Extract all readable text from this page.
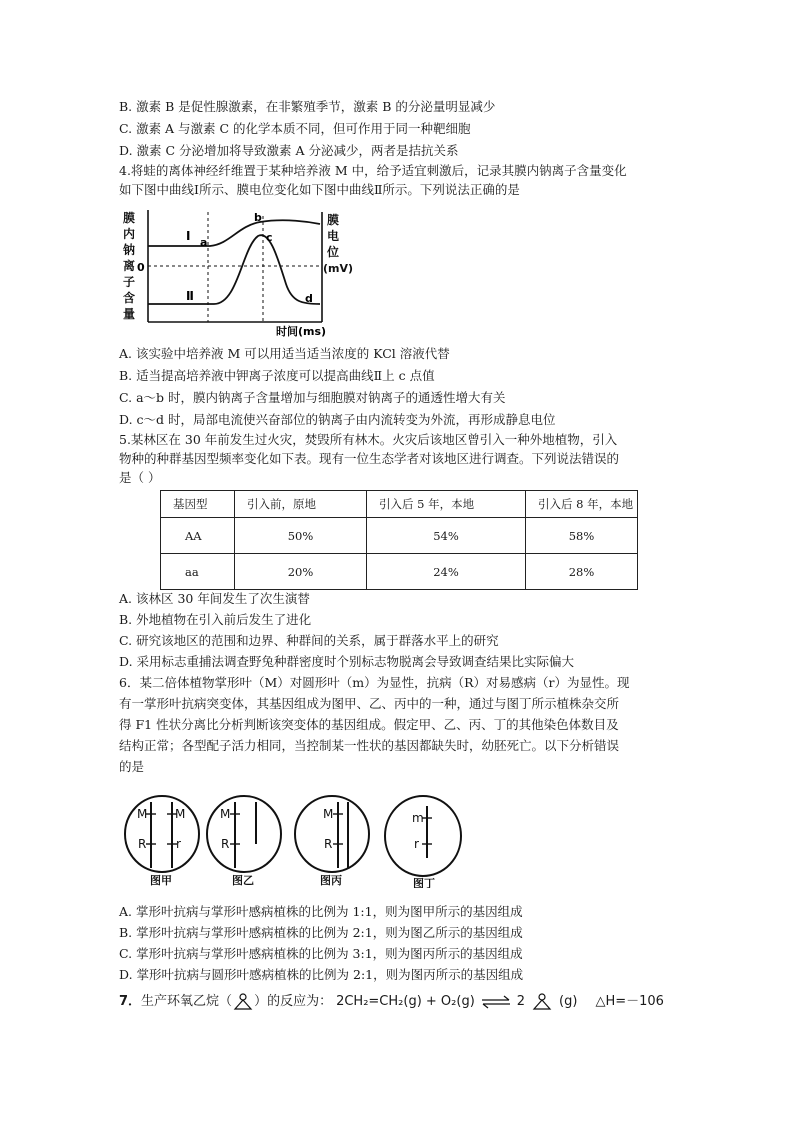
B. 激素 B 是促性腺激素，在非繁殖季节，激素 B 的分泌量明显减少
C. 激素 A 与激素 C 的化学本质不同，但可作用于同一种靶细胞
D. 激素 C 分泌增加将导致激素 A 分泌减少，两者是拮抗关系
4.将蛙的离体神经纤维置于某种培养液 M 中，给予适宜刺激后，记录其膜内钠离子含量变化
如下图中曲线Ⅰ所示、膜电位变化如下图中曲线Ⅱ所示。下列说法正确的是
膜
内
钠
离
子
含
量
0
Ⅰ
Ⅱ
a
b
c
d
膜
电
位
(mV)
时间(ms)
A. 该实验中培养液 M 可以用适当适当浓度的 KCl 溶液代替
B. 适当提高培养液中钾离子浓度可以提高曲线Ⅱ上 c 点值
C. a～b 时，膜内钠离子含量增加与细胞膜对钠离子的通透性增大有关
D. c～d 时，局部电流使兴奋部位的钠离子由内流转变为外流，再形成静息电位
5.某林区在 30 年前发生过火灾，焚毁所有林木。火灾后该地区曾引入一种外地植物，引入
物种的种群基因型频率变化如下表。现有一位生态学者对该地区进行调查。下列说法错误的
是（ ）
基因型	引入前，原地	引入后 5 年，本地	引入后 8 年，本地
AA	50%	54%	58%
aa	20%	24%	28%
A. 该林区 30 年间发生了次生演替
B. 外地植物在引入前后发生了进化
C. 研究该地区的范围和边界、种群间的关系，属于群落水平上的研究
D. 采用标志重捕法调查野兔种群密度时个别标志物脱离会导致调查结果比实际偏大
6．某二倍体植物掌形叶（M）对圆形叶（m）为显性，抗病（R）对易感病（r）为显性。现
有一掌形叶抗病突变体，其基因组成为图甲、乙、丙中的一种，通过与图丁所示植株杂交所
得 F1 性状分离比分析判断该突变体的基因组成。假定甲、乙、丙、丁的其他染色体数目及
结构正常；各型配子活力相同，当控制某一性状的基因都缺失时，幼胚死亡。以下分析错误
的是
M M
R r
M
R
M
R
m
r
图甲	图乙	图丙	图丁
A. 掌形叶抗病与掌形叶感病植株的比例为 1:1，则为图甲所示的基因组成
B. 掌形叶抗病与掌形叶感病植株的比例为 2:1，则为图乙所示的基因组成
C. 掌形叶抗病与掌形叶感病植株的比例为 3:1，则为图丙所示的基因组成
D. 掌形叶抗病与圆形叶感病植株的比例为 2:1，则为图丙所示的基因组成
7． 生产环氧乙烷（ ）的反应为： 2CH₂=CH₂(g) + O₂(g) ⇌ 2	(g) △H=－106
